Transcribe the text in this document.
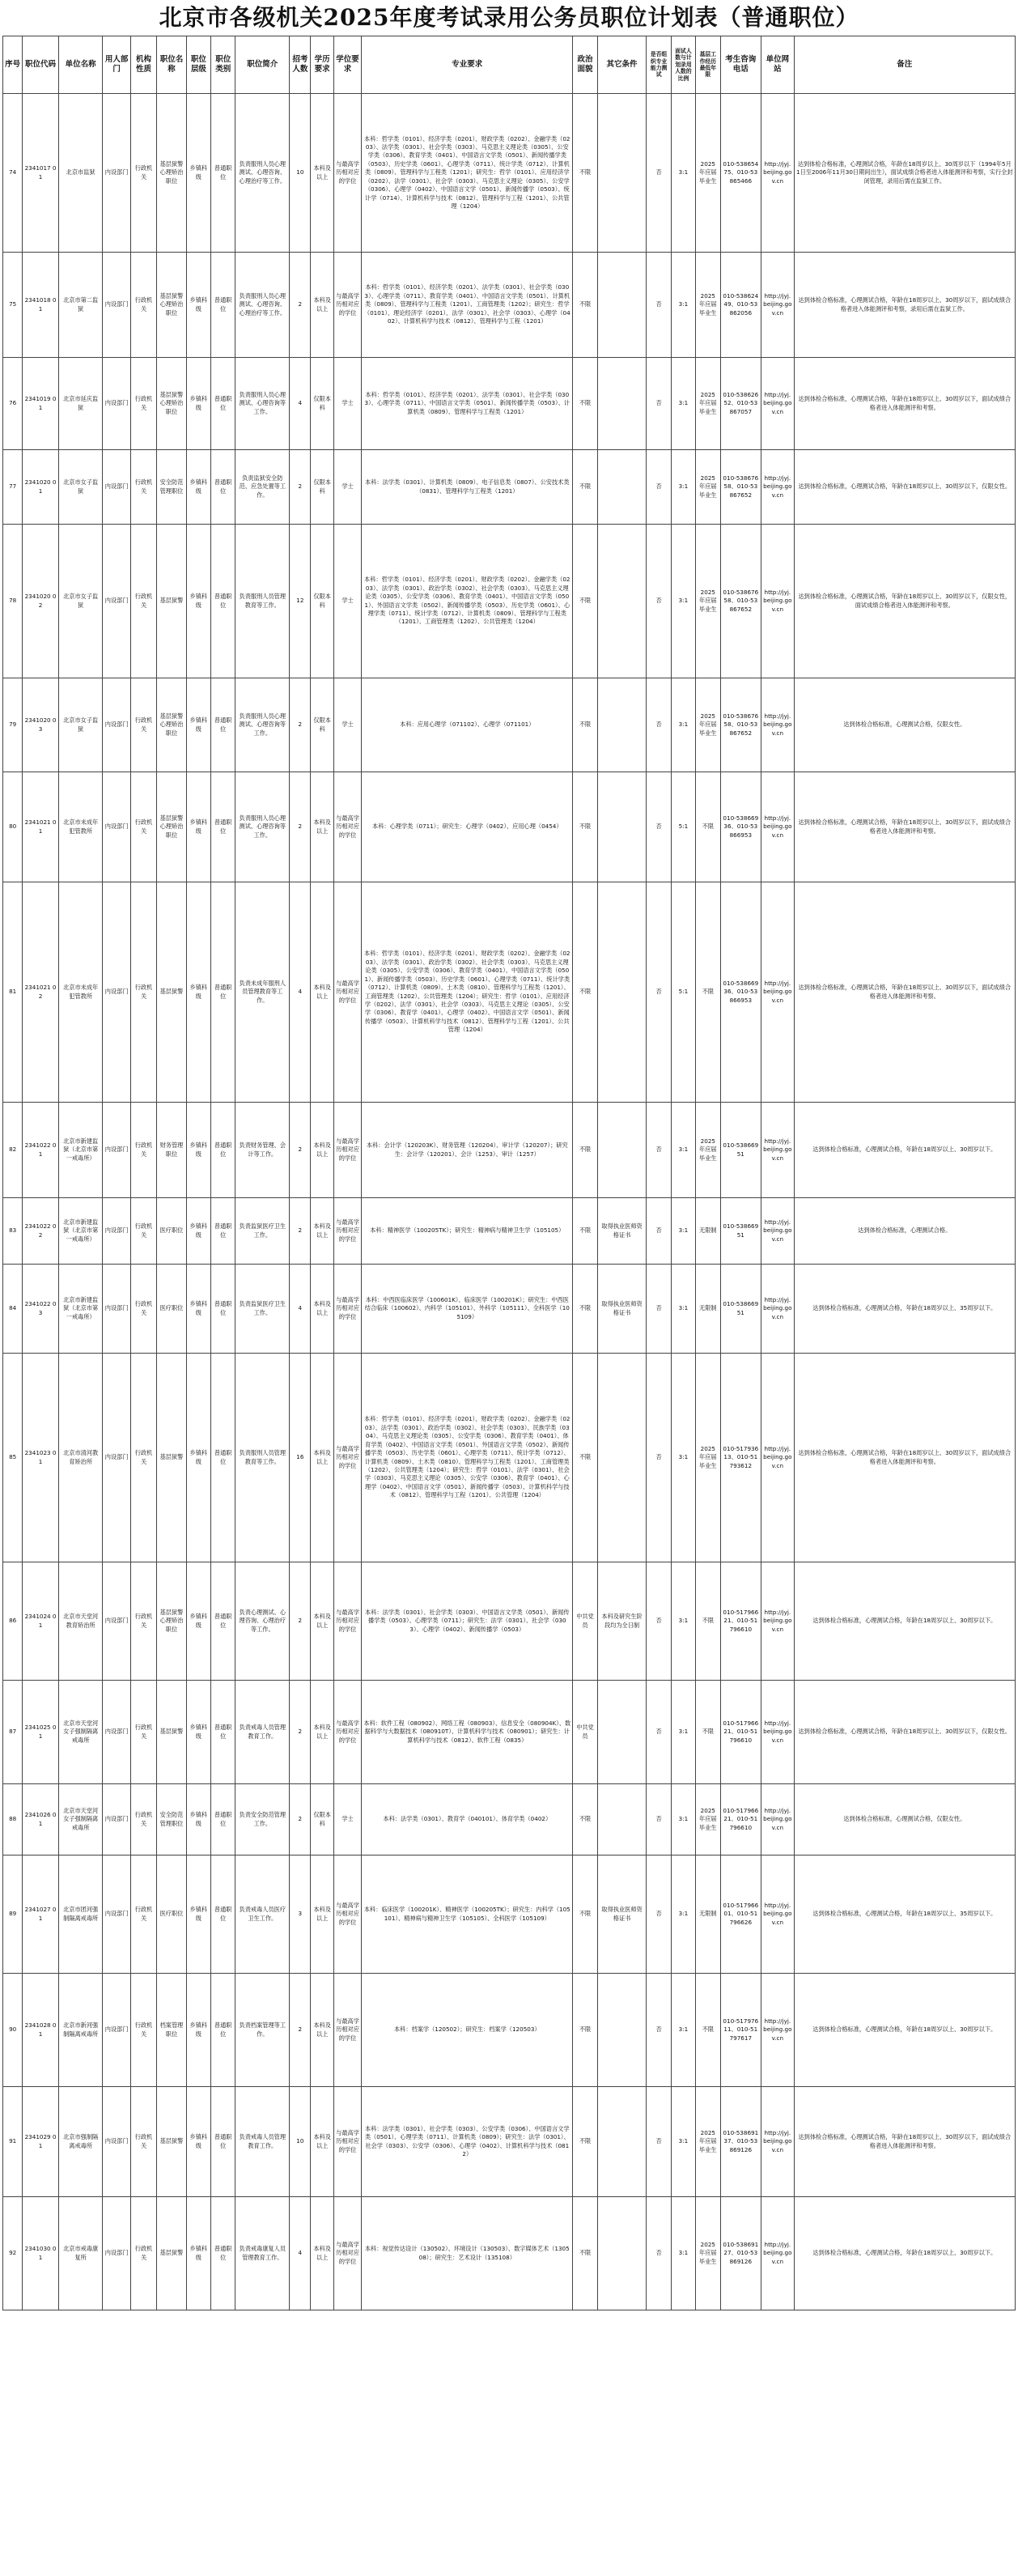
北京市各级机关2025年度考试录用公务员职位计划表（普通职位）
序号	职位代码	单位名称	用人部门	机构性质	职位名称	职位层级	职位类别	职位简介	招考人数	学历要求	学位要求	专业要求	政治面貌	其它条件	是否组织专业能力测试	面试人数与计划录用人数的比例	基层工作经历最低年限	考生咨询电话	单位网站	备注
74	2341017 01	北京市监狱	内设部门	行政机关	基层狱警心理矫治职位	乡镇科级	普通职位	负责服刑人员心理测试、心理咨询、心理治疗等工作。	10	本科及以上	与最高学历相对应的学位	本科：哲学类（0101）、经济学类（0201）、财政学类（0202）、金融学类（0203）、法学类（0301）、社会学类（0303）、马克思主义理论类（0305）、公安学类（0306）、教育学类（0401）、中国语言文学类（0501）、新闻传播学类（0503）、历史学类（0601）、心理学类（0711）、统计学类（0712）、计算机类（0809）、管理科学与工程类（1201）；研究生：哲学（0101）、应用经济学（0202）、法学（0301）、社会学（0303）、马克思主义理论（0305）、公安学（0306）、心理学（0402）、中国语言文学（0501）、新闻传播学（0503）、统计学（0714）、计算机科学与技术（0812）、管理科学与工程（1201）、公共管理（1204）	不限		否	3:1	2025年应届毕业生	010-53865475、010-53865466	http://jyj.beijing.gov.cn	达到体检合格标准，心理测试合格，年龄在18周岁以上、30周岁以下（1994年5月1日至2006年11月30日期间出生），面试成绩合格者进入体能测评和考察，实行全封闭管理，录用后需在监狱工作。
75	2341018 01	北京市第二监狱	内设部门	行政机关	基层狱警心理矫治职位	乡镇科级	普通职位	负责服刑人员心理测试、心理咨询、心理治疗等工作。	2	本科及以上	与最高学历相对应的学位	本科：哲学类（0101）、经济学类（0201）、法学类（0301）、社会学类（0303）、心理学类（0711）、教育学类（0401）、中国语言文学类（0501）、计算机类（0809）、管理科学与工程类（1201）、工商管理类（1202）；研究生：哲学（0101）、理论经济学（0201）、法学（0301）、社会学（0303）、心理学（0402）、计算机科学与技术（0812）、管理科学与工程（1201）	不限		否	3:1	2025年应届毕业生	010-53862449、010-53862056	http://jyj.beijing.gov.cn	达到体检合格标准，心理测试合格，年龄在18周岁以上、30周岁以下，面试成绩合格者进入体能测评和考察，录用后需在监狱工作。
76	2341019 01	北京市延庆监狱	内设部门	行政机关	基层狱警心理矫治职位	乡镇科级	普通职位	负责服刑人员心理测试、心理咨询等工作。	4	仅限本科	学士	本科：哲学类（0101）、经济学类（0201）、法学类（0301）、社会学类（0303）、心理学类（0711）、中国语言文学类（0501）、新闻传播学类（0503）、计算机类（0809）、管理科学与工程类（1201）	不限		否	3:1	2025年应届毕业生	010-53862652、010-53867057	http://jyj.beijing.gov.cn	达到体检合格标准，心理测试合格，年龄在18周岁以上、30周岁以下，面试成绩合格者进入体能测评和考察。
77	2341020 01	北京市女子监狱	内设部门	行政机关	安全防范管理职位	乡镇科级	普通职位	负责监狱安全防范、应急处置等工作。	2	仅限本科	学士	本科：法学类（0301）、计算机类（0809）、电子信息类（0807）、公安技术类（0831）、管理科学与工程类（1201）	不限		否	3:1	2025年应届毕业生	010-53867658、010-53867652	http://jyj.beijing.gov.cn	达到体检合格标准，心理测试合格，年龄在18周岁以上、30周岁以下，仅限女性。
78	2341020 02	北京市女子监狱	内设部门	行政机关	基层狱警	乡镇科级	普通职位	负责服刑人员管理教育等工作。	12	仅限本科	学士	本科：哲学类（0101）、经济学类（0201）、财政学类（0202）、金融学类（0203）、法学类（0301）、政治学类（0302）、社会学类（0303）、马克思主义理论类（0305）、公安学类（0306）、教育学类（0401）、中国语言文学类（0501）、外国语言文学类（0502）、新闻传播学类（0503）、历史学类（0601）、心理学类（0711）、统计学类（0712）、计算机类（0809）、管理科学与工程类（1201）、工商管理类（1202）、公共管理类（1204）	不限		否	3:1	2025年应届毕业生	010-53867658、010-53867652	http://jyj.beijing.gov.cn	达到体检合格标准，心理测试合格，年龄在18周岁以上、30周岁以下，仅限女性，面试成绩合格者进入体能测评和考察。
79	2341020 03	北京市女子监狱	内设部门	行政机关	基层狱警心理矫治职位	乡镇科级	普通职位	负责服刑人员心理测试、心理咨询等工作。	2	仅限本科	学士	本科：应用心理学（071102）、心理学（071101）	不限		否	3:1	2025年应届毕业生	010-53867658、010-53867652	http://jyj.beijing.gov.cn	达到体检合格标准，心理测试合格，仅限女性。
80	2341021 01	北京市未成年犯管教所	内设部门	行政机关	基层狱警心理矫治职位	乡镇科级	普通职位	负责服刑人员心理测试、心理咨询等工作。	2	本科及以上	与最高学历相对应的学位	本科：心理学类（0711）；研究生：心理学（0402）、应用心理（0454）	不限		否	5:1	不限	010-53866936、010-53866953	http://jyj.beijing.gov.cn	达到体检合格标准，心理测试合格，年龄在18周岁以上、30周岁以下，面试成绩合格者进入体能测评和考察。
81	2341021 02	北京市未成年犯管教所	内设部门	行政机关	基层狱警	乡镇科级	普通职位	负责未成年服刑人员管理教育等工作。	4	本科及以上	与最高学历相对应的学位	本科：哲学类（0101）、经济学类（0201）、财政学类（0202）、金融学类（0203）、法学类（0301）、政治学类（0302）、社会学类（0303）、马克思主义理论类（0305）、公安学类（0306）、教育学类（0401）、中国语言文学类（0501）、新闻传播学类（0503）、历史学类（0601）、心理学类（0711）、统计学类（0712）、计算机类（0809）、土木类（0810）、管理科学与工程类（1201）、工商管理类（1202）、公共管理类（1204）；研究生：哲学（0101）、应用经济学（0202）、法学（0301）、社会学（0303）、马克思主义理论（0305）、公安学（0306）、教育学（0401）、心理学（0402）、中国语言文学（0501）、新闻传播学（0503）、计算机科学与技术（0812）、管理科学与工程（1201）、公共管理（1204）	不限		否	5:1	不限	010-53866936、010-53866953	http://jyj.beijing.gov.cn	达到体检合格标准，心理测试合格，年龄在18周岁以上、30周岁以下，面试成绩合格者进入体能测评和考察。
82	2341022 01	北京市新建监狱（北京市第一戒毒所）	内设部门	行政机关	财务管理职位	乡镇科级	普通职位	负责财务管理、会计等工作。	2	本科及以上	与最高学历相对应的学位	本科：会计学（120203K）、财务管理（120204）、审计学（120207）；研究生：会计学（120201）、会计（1253）、审计（1257）	不限		否	3:1	2025年应届毕业生	010-53866951	http://jyj.beijing.gov.cn	达到体检合格标准，心理测试合格，年龄在18周岁以上、30周岁以下。
83	2341022 02	北京市新建监狱（北京市第一戒毒所）	内设部门	行政机关	医疗职位	乡镇科级	普通职位	负责监狱医疗卫生工作。	2	本科及以上	与最高学历相对应的学位	本科：精神医学（100205TK）；研究生：精神病与精神卫生学（105105）	不限	取得执业医师资格证书	否	3:1	无限制	010-53866951	http://jyj.beijing.gov.cn	达到体检合格标准，心理测试合格。
84	2341022 03	北京市新建监狱（北京市第一戒毒所）	内设部门	行政机关	医疗职位	乡镇科级	普通职位	负责监狱医疗卫生工作。	4	本科及以上	与最高学历相对应的学位	本科：中西医临床医学（100601K）、临床医学（100201K）；研究生：中西医结合临床（100602）、内科学（105101）、外科学（105111）、全科医学（105109）	不限	取得执业医师资格证书	否	3:1	无限制	010-53866951	http://jyj.beijing.gov.cn	达到体检合格标准，心理测试合格，年龄在18周岁以上、35周岁以下。
85	2341023 01	北京市清河教育矫治所	内设部门	行政机关	基层狱警	乡镇科级	普通职位	负责服刑人员管理教育等工作。	16	本科及以上	与最高学历相对应的学位	本科：哲学类（0101）、经济学类（0201）、财政学类（0202）、金融学类（0203）、法学类（0301）、政治学类（0302）、社会学类（0303）、民族学类（0304）、马克思主义理论类（0305）、公安学类（0306）、教育学类（0401）、体育学类（0402）、中国语言文学类（0501）、外国语言文学类（0502）、新闻传播学类（0503）、历史学类（0601）、心理学类（0711）、统计学类（0712）、计算机类（0809）、土木类（0810）、管理科学与工程类（1201）、工商管理类（1202）、公共管理类（1204）；研究生：哲学（0101）、法学（0301）、社会学（0303）、马克思主义理论（0305）、公安学（0306）、教育学（0401）、心理学（0402）、中国语言文学（0501）、新闻传播学（0503）、计算机科学与技术（0812）、管理科学与工程（1201）、公共管理（1204）	不限		否	3:1	2025年应届毕业生	010-51793613、010-51793612	http://jyj.beijing.gov.cn	达到体检合格标准，心理测试合格，年龄在18周岁以上、30周岁以下，面试成绩合格者进入体能测评和考察。
86	2341024 01	北京市天堂河教育矫治所	内设部门	行政机关	基层狱警心理矫治职位	乡镇科级	普通职位	负责心理测试、心理咨询、心理治疗等工作。	2	本科及以上	与最高学历相对应的学位	本科：法学类（0301）、社会学类（0303）、中国语言文学类（0501）、新闻传播学类（0503）、心理学类（0711）；研究生：法学（0301）、社会学（0303）、心理学（0402）、新闻传播学（0503）	中共党员	本科及研究生阶段均为全日制	否	3:1	不限	010-51796621、010-51796610	http://jyj.beijing.gov.cn	达到体检合格标准，心理测试合格，年龄在18周岁以上、30周岁以下。
87	2341025 01	北京市天堂河女子强制隔离戒毒所	内设部门	行政机关	基层狱警	乡镇科级	普通职位	负责戒毒人员管理教育工作。	2	本科及以上	与最高学历相对应的学位	本科：软件工程（080902）、网络工程（080903）、信息安全（080904K）、数据科学与大数据技术（080910T）、计算机科学与技术（080901）；研究生：计算机科学与技术（0812）、软件工程（0835）	中共党员		否	3:1	不限	010-51796621、010-51796610	http://jyj.beijing.gov.cn	达到体检合格标准，心理测试合格，年龄在18周岁以上、30周岁以下，仅限女性。
88	2341026 01	北京市天堂河女子强制隔离戒毒所	内设部门	行政机关	安全防范管理职位	乡镇科级	普通职位	负责安全防范管理工作。	2	仅限本科	学士	本科：法学类（0301）、教育学（040101）、体育学类（0402）	不限		否	3:1	2025年应届毕业生	010-51796621、010-51796610	http://jyj.beijing.gov.cn	达到体检合格标准，心理测试合格，仅限女性。
89	2341027 01	北京市团河强制隔离戒毒所	内设部门	行政机关	医疗职位	乡镇科级	普通职位	负责戒毒人员医疗卫生工作。	3	本科及以上	与最高学历相对应的学位	本科：临床医学（100201K）、精神医学（100205TK）；研究生：内科学（105101）、精神病与精神卫生学（105105）、全科医学（105109）	不限	取得执业医师资格证书	否	3:1	无限制	010-51796601、010-51796626	http://jyj.beijing.gov.cn	达到体检合格标准，心理测试合格，年龄在18周岁以上、35周岁以下。
90	2341028 01	北京市新河强制隔离戒毒所	内设部门	行政机关	档案管理职位	乡镇科级	普通职位	负责档案管理等工作。	2	本科及以上	与最高学历相对应的学位	本科：档案学（120502）；研究生：档案学（120503）	不限		否	3:1	不限	010-51797611、010-51797617	http://jyj.beijing.gov.cn	达到体检合格标准，心理测试合格，年龄在18周岁以上、30周岁以下。
91	2341029 01	北京市强制隔离戒毒所	内设部门	行政机关	基层狱警	乡镇科级	普通职位	负责戒毒人员管理教育工作。	10	本科及以上	与最高学历相对应的学位	本科：法学类（0301）、社会学类（0303）、公安学类（0306）、中国语言文学类（0501）、心理学类（0711）、计算机类（0809）；研究生：法学（0301）、社会学（0303）、公安学（0306）、心理学（0402）、计算机科学与技术（0812）	不限		否	3:1	2025年应届毕业生	010-53869137、010-53869126	http://jyj.beijing.gov.cn	达到体检合格标准，心理测试合格，年龄在18周岁以上、30周岁以下，面试成绩合格者进入体能测评和考察。
92	2341030 01	北京市戒毒康复所	内设部门	行政机关	基层狱警	乡镇科级	普通职位	负责戒毒康复人员管理教育工作。	4	本科及以上	与最高学历相对应的学位	本科：视觉传达设计（130502）、环境设计（130503）、数字媒体艺术（130508）；研究生：艺术设计（135108）	不限		否	3:1	2025年应届毕业生	010-53869127、010-53869126	http://jyj.beijing.gov.cn	达到体检合格标准，心理测试合格，年龄在18周岁以上、30周岁以下。
